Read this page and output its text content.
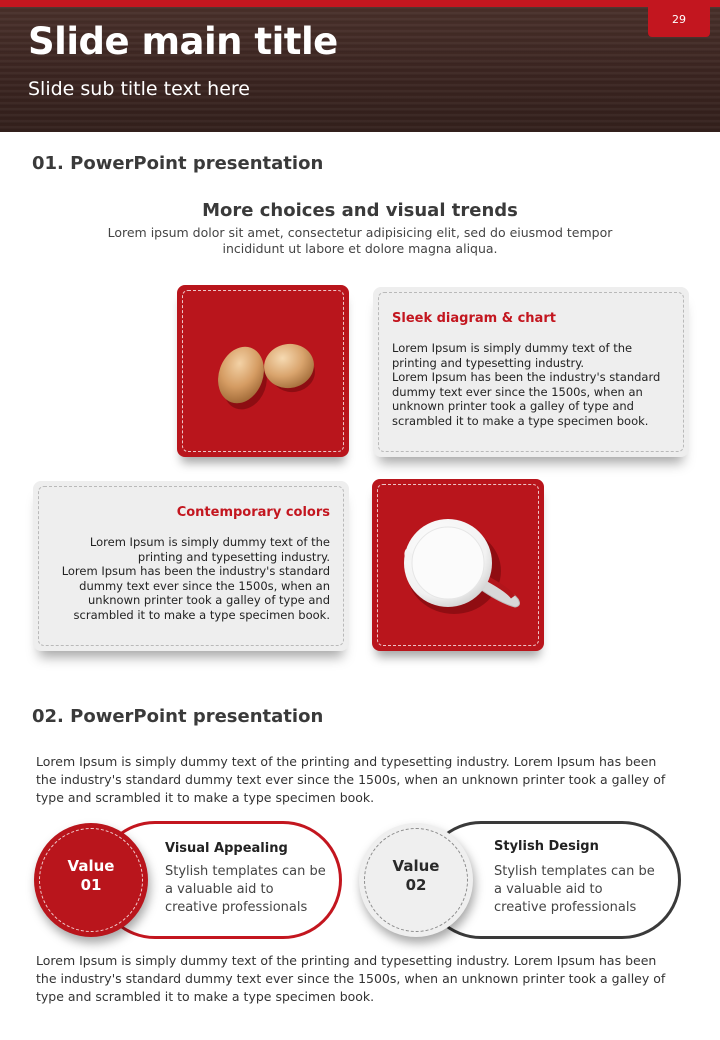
29
Slide main title
Slide sub title text here
01. PowerPoint presentation
More choices and visual trends
Lorem ipsum dolor sit amet, consectetur adipisicing elit, sed do eiusmod tempor
incididunt ut labore et dolore magna aliqua.
Sleek diagram & chart
Lorem Ipsum is simply dummy text of the
printing and typesetting industry.
Lorem Ipsum has been the industry's standard
dummy text ever since the 1500s, when an
unknown printer took a galley of type and
scrambled it to make a type specimen book.
Contemporary colors
Lorem Ipsum is simply dummy text of the
printing and typesetting industry.
Lorem Ipsum has been the industry's standard
dummy text ever since the 1500s, when an
unknown printer took a galley of type and
scrambled it to make a type specimen book.
02. PowerPoint presentation
Lorem Ipsum is simply dummy text of the printing and typesetting industry. Lorem Ipsum has been
the industry's standard dummy text ever since the 1500s, when an unknown printer took a galley of
type and scrambled it to make a type specimen book.
Value
01
Visual Appealing
Stylish templates can be
a valuable aid to
creative professionals
Value
02
Stylish Design
Stylish templates can be
a valuable aid to
creative professionals
Lorem Ipsum is simply dummy text of the printing and typesetting industry. Lorem Ipsum has been
the industry's standard dummy text ever since the 1500s, when an unknown printer took a galley of
type and scrambled it to make a type specimen book.
